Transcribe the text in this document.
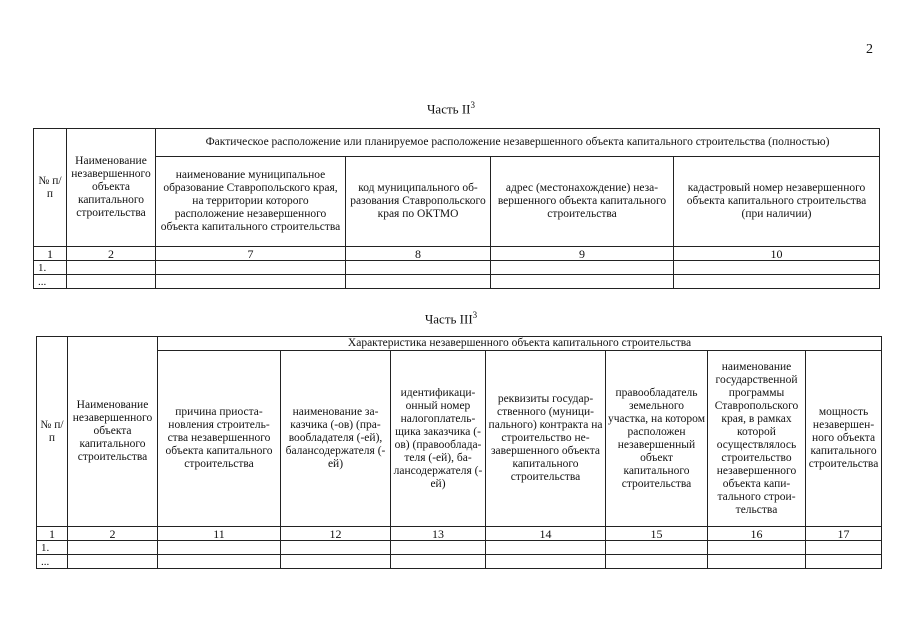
2
Часть $II^3$
№ п/п	Наименование незавершенного объекта капитального строительства	Фактическое расположение или планируемое расположение незавершенного объекта капитального строительства (полностью)			
		наименование муниципальное образование Ставропольского края, на территории которого расположение незавершенного объекта капитального строительства	код муниципального образования Ставропольского края по ОКТМО	адрес (местонахождение) незавершенного объекта капитального строительства	кадастровый номер незавершенного объекта капитального строительства (при наличии)
1	2	7	8	9	10
1.					
...					
Часть III$^3$
№ п/п	Наименование незавершенного объекта капитального строительства	Характеристика незавершенного объекта капитального строительства						
		причина приостановления строительства незавершенного объекта капитального строительства	наименование заказчика (-ов) (правообладателя (-ей), балансодержателя (-ей)	идентификационный номер налогоплательщика заказчика (-ов) (правообладателя (-ей), балансодержателя (-ей)	реквизиты государственного (муниципального) контракта на строительство незавершенного объекта капитального строительства	правообладатель земельного участка, на котором расположен незавершенный объект капитального строительства	наименование государственной программы Ставропольского края, в рамках которой осуществлялось строительство незавершенного объекта капитального строительства	мощность незавершенного объекта капитального строительства
1	2	11	12	13	14	15	16	17
1.								
...								
